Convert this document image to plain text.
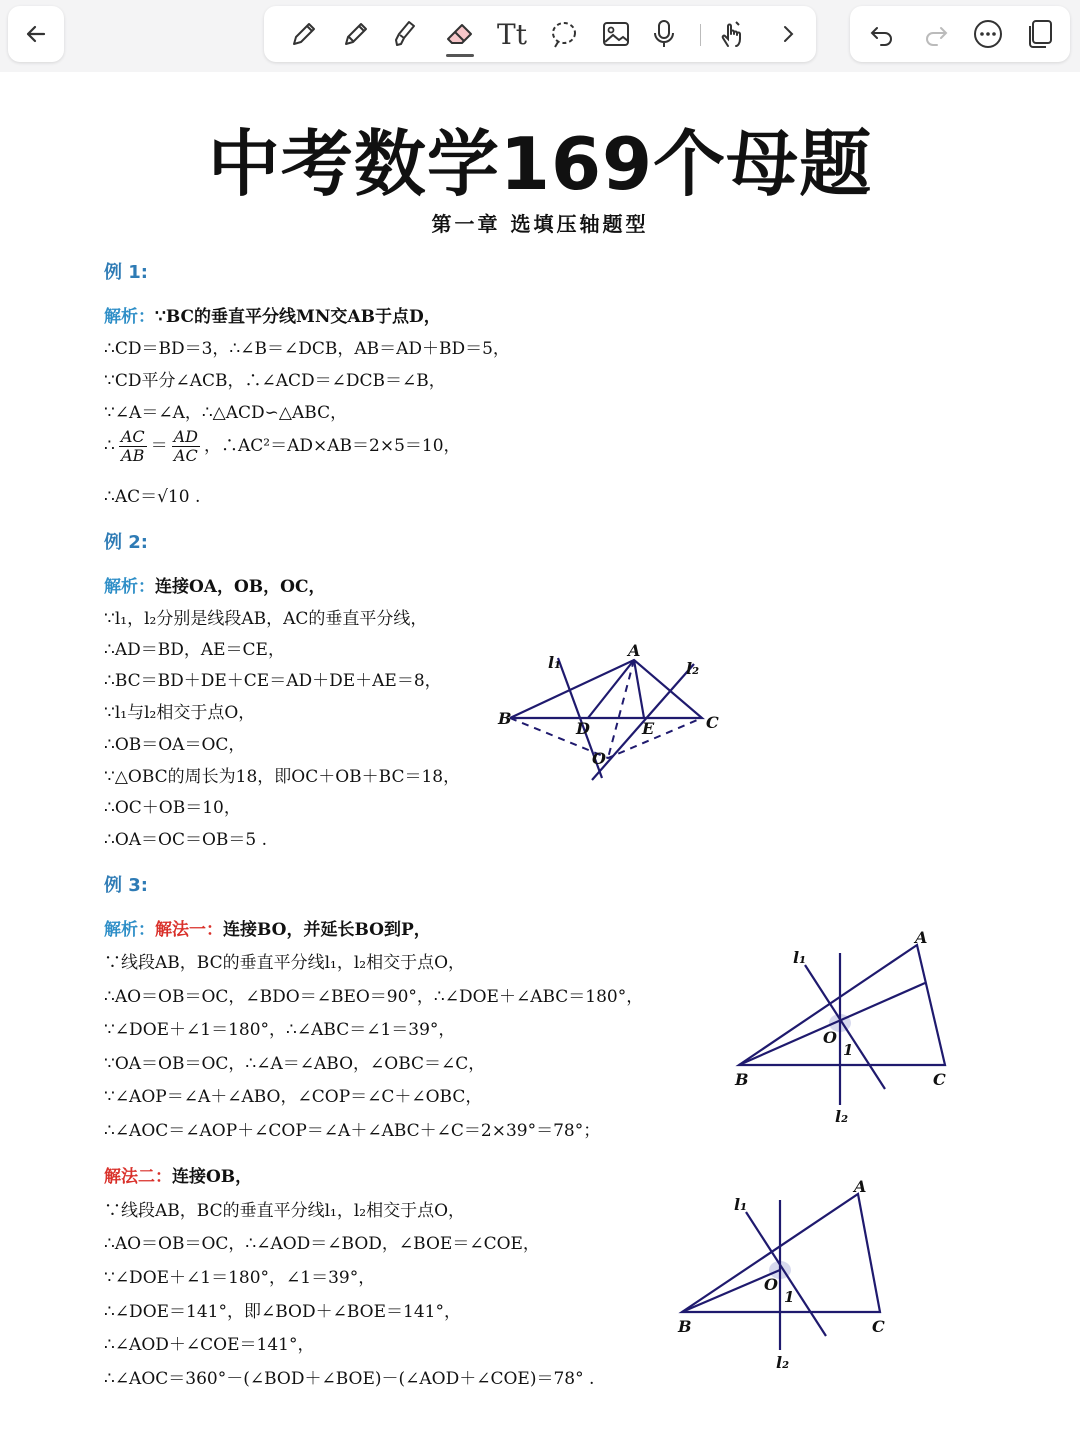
Tt
中考数学169个母题
第一章 选填压轴题型
例 1:
解析：∵BC的垂直平分线MN交AB于点D，
∴CD＝BD＝3，∴∠B＝∠DCB，AB＝AD＋BD＝5，
∵CD平分∠ACB，∴∠ACD＝∠DCB＝∠B，
∵∠A＝∠A，∴△ACD∽△ABC，
∴ $\frac{AC}{AB} = \frac{AD}{AC}$ ，∴AC²＝AD×AB＝2×5＝10，
∴AC＝√10 .
例 2:
解析：连接OA，OB，OC，
∵l₁，l₂分别是线段AB，AC的垂直平分线，
∴AD＝BD，AE＝CE，
∴BC＝BD＋DE＋CE＝AD＋DE＋AE＝8，
∵l₁与l₂相交于点O，
∴OB＝OA＝OC，
∵△OBC的周长为18，即OC＋OB＋BC＝18，
∴OC＋OB＝10，
∴OA＝OC＝OB＝5 .
B
A
C
D	E
O
l₁	l₂
例 3:
解析：解法一：连接BO，并延长BO到P，
∵线段AB，BC的垂直平分线l₁，l₂相交于点O，
∴AO＝OB＝OC，∠BDO＝∠BEO＝90°，∴∠DOE＋∠ABC＝180°，
∵∠DOE＋∠1＝180°，∴∠ABC＝∠1＝39°，
∵OA＝OB＝OC，∴∠A＝∠ABO，∠OBC＝∠C，
∵∠AOP＝∠A＋∠ABO，∠COP＝∠C＋∠OBC，
∴∠AOC＝∠AOP＋∠COP＝∠A＋∠ABC＋∠C＝2×39°＝78°；
A
B	C
O
1
l₁
l₂
解法二：连接OB，
∵线段AB，BC的垂直平分线l₁，l₂相交于点O，
∴AO＝OB＝OC，∴∠AOD＝∠BOD，∠BOE＝∠COE，
∵∠DOE＋∠1＝180°，∠1＝39°，
∴∠DOE＝141°，即∠BOD＋∠BOE＝141°，
∴∠AOD＋∠COE＝141°，
∴∠AOC＝360°－(∠BOD＋∠BOE)－(∠AOD＋∠COE)＝78° .
A
B	C
O
1
l₁
l₂
